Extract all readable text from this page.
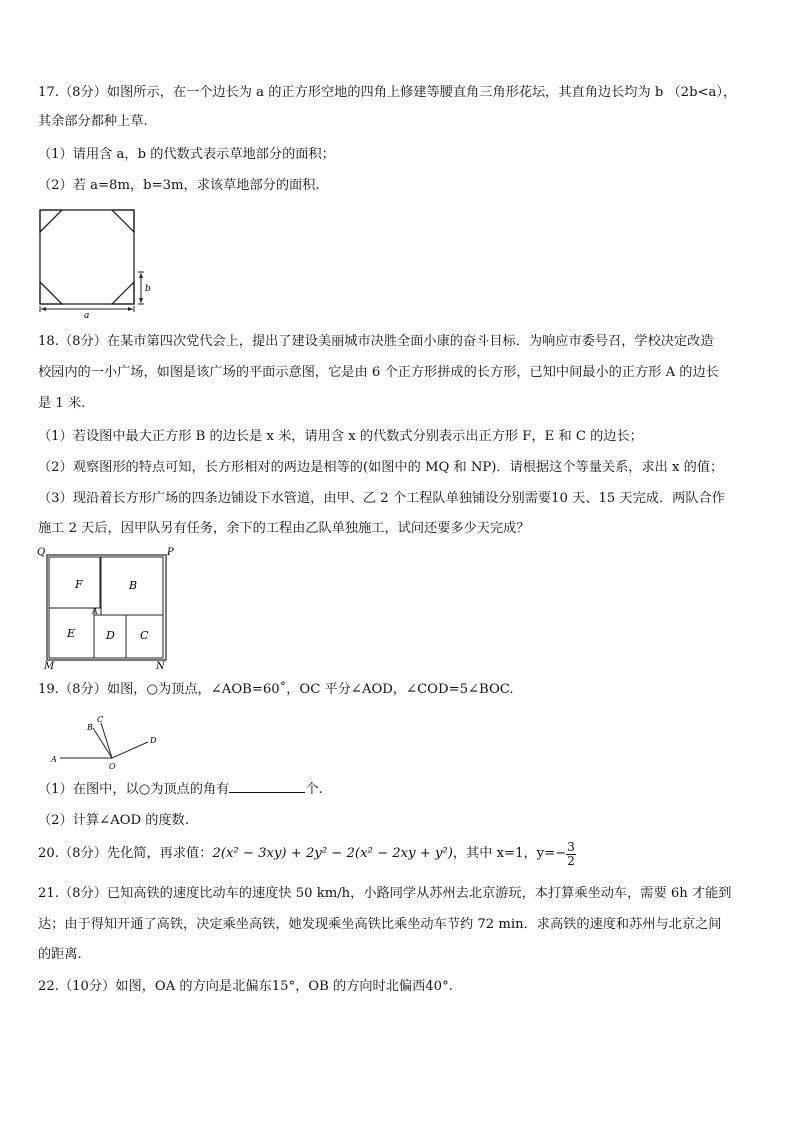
17.（8分）如图所示，在一个边长为 a 的正方形空地的四角上修建等腰直角三角形花坛，其直角边长均为 b （2b<a），
其余部分都种上草.
（1）请用含 a，b 的代数式表示草地部分的面积；
（2）若 a=8m，b=3m，求该草地部分的面积.
b
a
18.（8分）在某市第四次党代会上，提出了建设美丽城市决胜全面小康的奋斗目标．为响应市委号召，学校决定改造
校园内的一小广场，如图是该广场的平面示意图，它是由 6 个正方形拼成的长方形，已知中间最小的正方形 A 的边长
是 1 米.
（1）若设图中最大正方形 B 的边长是 x 米，请用含 x 的代数式分别表示出正方形 F，E 和 C 的边长；
（2）观察图形的特点可知，长方形相对的两边是相等的(如图中的 MQ 和 NP)．请根据这个等量关系，求出 x 的值；
（3）现沿着长方形广场的四条边铺设下水管道，由甲、乙 2 个工程队单独铺设分别需要10 天、15 天完成．两队合作
施工 2 天后，因甲队另有任务，余下的工程由乙队单独施工，试问还要多少天完成？
Q	P
M	N
F	B
A
E	D C
19.（8分）如图，○为顶点，∠AOB=60˚，OC 平分∠AOD，∠COD=5∠BOC.
A
B
C
D
O
（1）在图中，以○为顶点的角有	个.
（2）计算∠AOD 的度数.
20.（8分）先化简，再求值： 2(x² − 3xy) + 2y² − 2(x² − 2xy + y²) ，其中 x=1，$y=- \frac{3}{2}$
21.（8分）已知高铁的速度比动车的速度快 50 km/h，小路同学从苏州去北京游玩，本打算乘坐动车，需要 6h 才能到
达；由于得知开通了高铁，决定乘坐高铁，她发现乘坐高铁比乘坐动车节约 72 min．求高铁的速度和苏州与北京之间
的距离.
22.（10分）如图，OA 的方向是北偏东15°，OB 的方向时北偏西40°.
